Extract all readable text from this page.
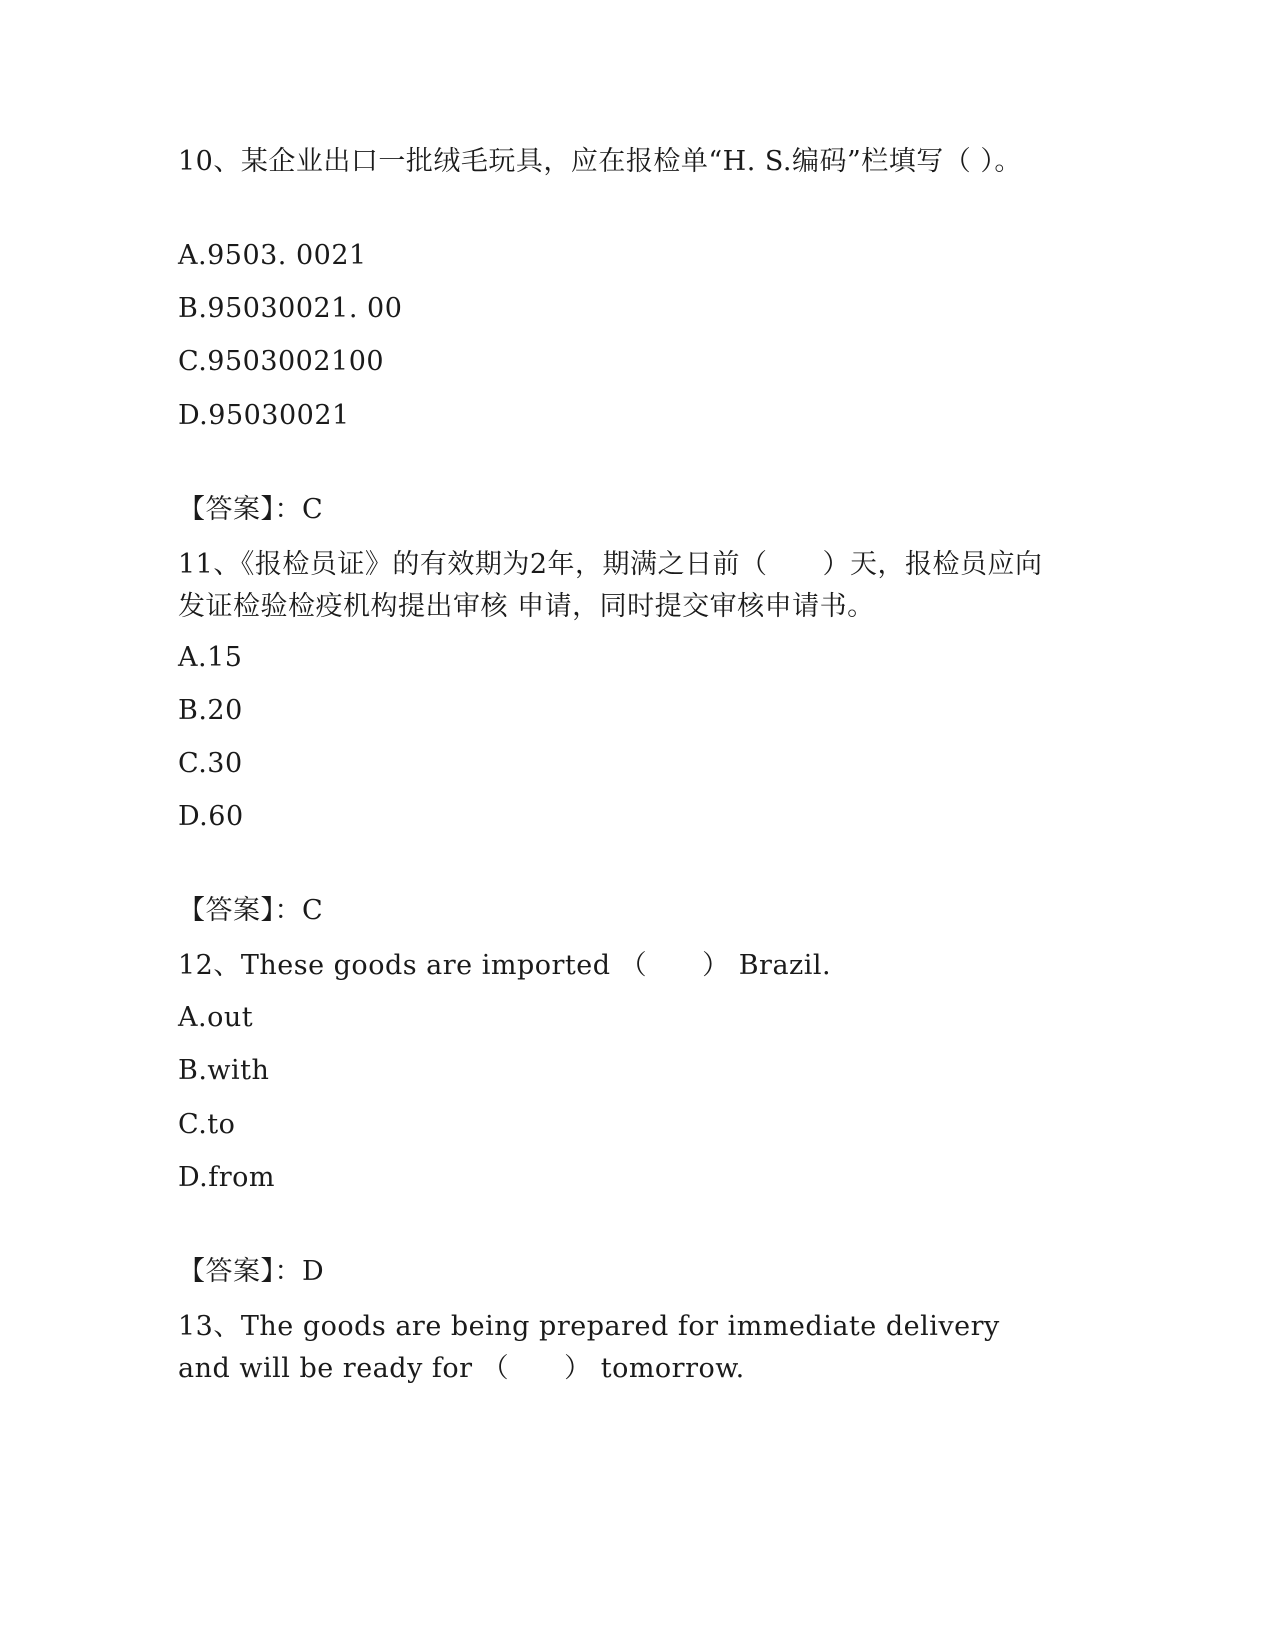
10、某企业出口一批绒毛玩具，应在报检单“H. S.编码”栏填写（ ）。
A.9503. 0021
B.95030021. 00
C.9503002100
D.95030021
【答案】：C
11、《报检员证》的有效期为2年，期满之日前（　　）天，报检员应向发证检验检疫机构提出审核 申请，同时提交审核申请书。
A.15
B.20
C.30
D.60
【答案】：C
12、These goods are imported （　　） Brazil.
A.out
B.with
C.to
D.from
【答案】：D
13、The goods are being prepared for immediate delivery and will be ready for （　　） tomorrow.
